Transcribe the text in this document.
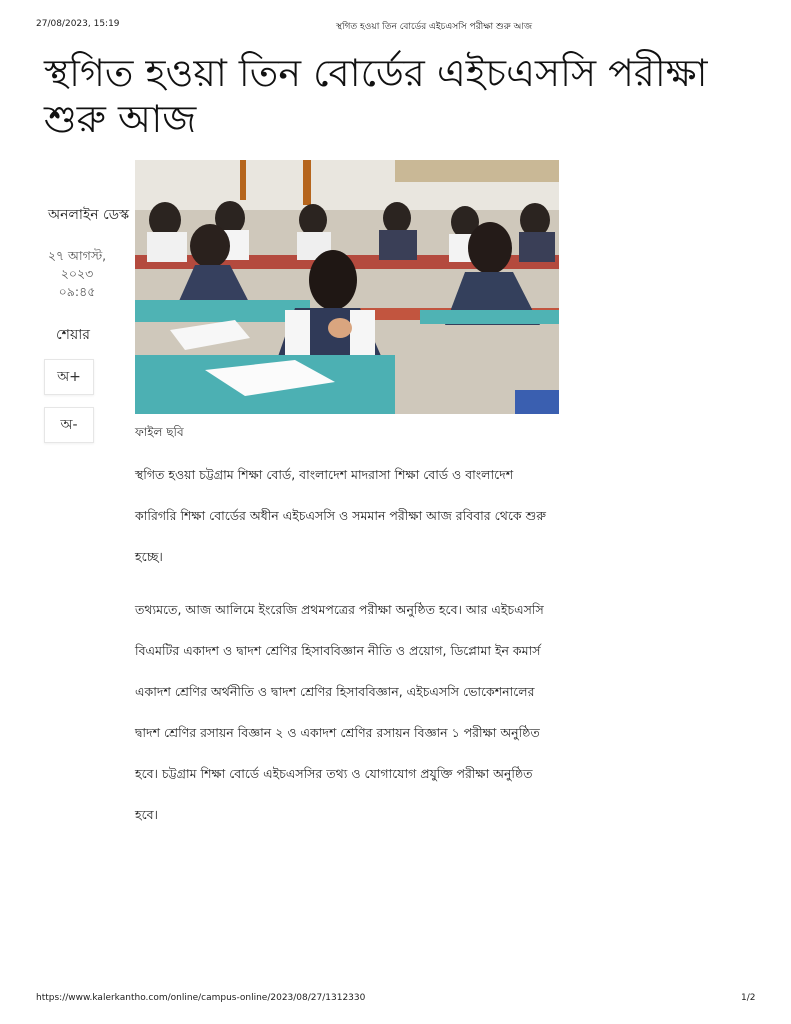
27/08/2023, 15:19	স্থগিত হওয়া তিন বোর্ডের এইচএসসি পরীক্ষা শুরু আজ
স্থগিত হওয়া তিন বোর্ডের এইচএসসি পরীক্ষা শুরু আজ
অনলাইন ডেস্ক
২৭ আগস্ট, ২০২৩ ০৯:৪৫
শেয়ার
অ+
অ-	ফাইল ছবি

স্থগিত হওয়া চট্টগ্রাম শিক্ষা বোর্ড, বাংলাদেশ মাদরাসা শিক্ষা বোর্ড ও বাংলাদেশ কারিগরি শিক্ষা বোর্ডের অধীন এইচএসসি ও সমমান পরীক্ষা আজ রবিবার থেকে শুরু হচ্ছে।

তথ্যমতে, আজ আলিমে ইংরেজি প্রথমপত্রের পরীক্ষা অনুষ্ঠিত হবে। আর এইচএসসি বিএমটির একাদশ ও দ্বাদশ শ্রেণির হিসাববিজ্ঞান নীতি ও প্রয়োগ, ডিপ্লোমা ইন কমার্স একাদশ শ্রেণির অর্থনীতি ও দ্বাদশ শ্রেণির হিসাববিজ্ঞান, এইচএসসি ভোকেশনালের দ্বাদশ শ্রেণির রসায়ন বিজ্ঞান ২ ও একাদশ শ্রেণির রসায়ন বিজ্ঞান ১ পরীক্ষা অনুষ্ঠিত হবে। চট্টগ্রাম শিক্ষা বোর্ডে এইচএসসির তথ্য ও যোগাযোগ প্রযুক্তি পরীক্ষা অনুষ্ঠিত হবে।

https://www.kalerkantho.com/online/campus-online/2023/08/27/1312330	1/2
